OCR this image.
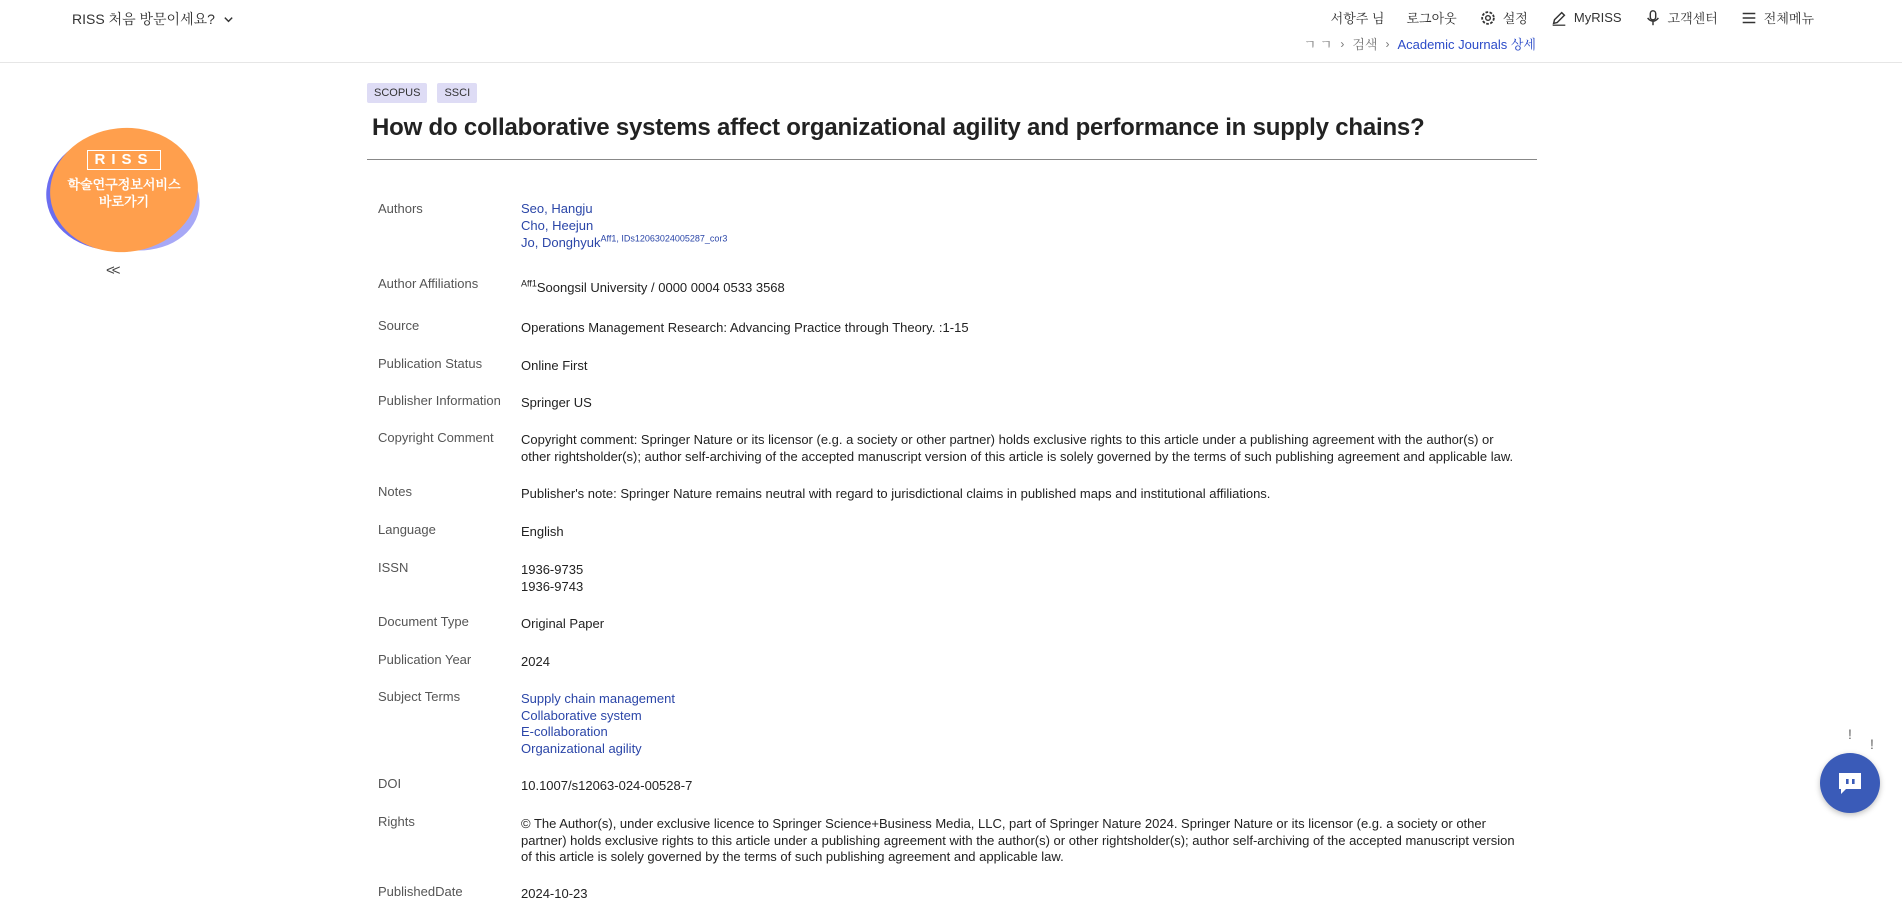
RISS 처음 방문이세요?	서항주 님 로그아웃	설정	MyRISS	고객센터	전체메뉴
ㄱ ㄱ › 검색 › Academic Journals 상세
RISS
학술연구정보서비스
바로가기
<<
SCOPUS	SSCI
How do collaborative systems affect organizational agility and performance in supply chains?
Authors	Seo, Hangju
Cho, Heejun
Jo, Donghyuk$^{Aff1, IDs12063024005287\_cor3}$
Author Affiliations	$^{Aff1}$Soongsil University / 0000 0004 0533 3568
Source	Operations Management Research: Advancing Practice through Theory. :1-15
Publication Status	Online First
Publisher Information	Springer US
Copyright Comment	Copyright comment: Springer Nature or its licensor (e.g. a society or other partner) holds exclusive rights to this article under a publishing agreement with the author(s) or other rightsholder(s); author self-archiving of the accepted manuscript version of this article is solely governed by the terms of such publishing agreement and applicable law.
Notes	Publisher's note: Springer Nature remains neutral with regard to jurisdictional claims in published maps and institutional affiliations.
Language	English
ISSN	1936-9735
1936-9743
Document Type	Original Paper
Publication Year	2024
Subject Terms	Supply chain management
Collaborative system
E-collaboration
Organizational agility
DOI	10.1007/s12063-024-00528-7
Rights	© The Author(s), under exclusive licence to Springer Science+Business Media, LLC, part of Springer Nature 2024. Springer Nature or its licensor (e.g. a society or other partner) holds exclusive rights to this article under a publishing agreement with the author(s) or other rightsholder(s); author self-archiving of the accepted manuscript version of this article is solely governed by the terms of such publishing agreement and applicable law.
PublishedDate	2024-10-23
!
!
